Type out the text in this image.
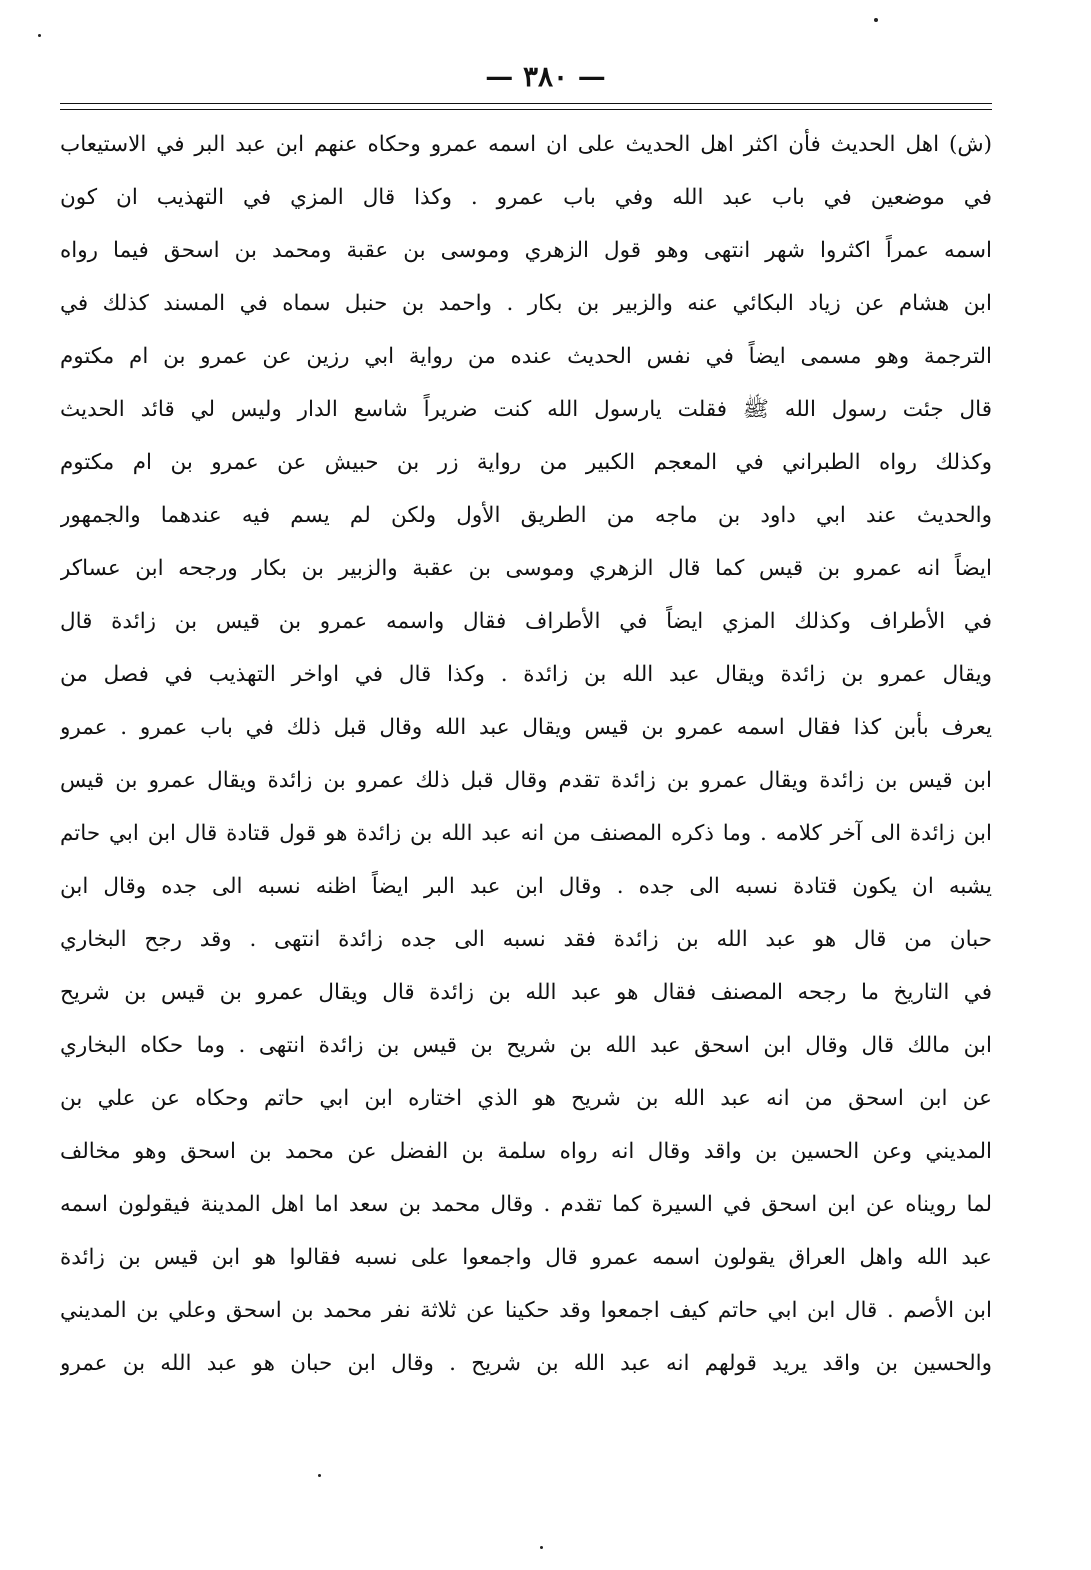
— ٣٨٠ —
(ش) اهل الحديث فأن اكثر اهل الحديث على ان اسمه عمرو وحكاه عنهم ابن عبد البر في الاستيعاب
في موضعين في باب عبد الله وفي باب عمرو . وكذا قال المزي في التهذيب ان كون
اسمه عمراً اكثروا شهر انتهى وهو قول الزهري وموسى بن عقبة ومحمد بن اسحق فيما رواه
ابن هشام عن زياد البكائي عنه والزبير بن بكار . واحمد بن حنبل سماه في المسند كذلك في
الترجمة وهو مسمى ايضاً في نفس الحديث عنده من رواية ابي رزين عن عمرو بن ام مكتوم
قال جئت رسول الله ﷺ فقلت يارسول الله كنت ضريراً شاسع الدار وليس لي قائد الحديث
وكذلك رواه الطبراني في المعجم الكبير من رواية زر بن حبيش عن عمرو بن ام مكتوم
والحديث عند ابي داود بن ماجه من الطريق الأول ولكن لم يسم فيه عندهما والجمهور
ايضاً انه عمرو بن قيس كما قال الزهري وموسى بن عقبة والزبير بن بكار ورجحه ابن عساكر
في الأطراف وكذلك المزي ايضاً في الأطراف فقال واسمه عمرو بن قيس بن زائدة قال
ويقال عمرو بن زائدة ويقال عبد الله بن زائدة . وكذا قال في اواخر التهذيب في فصل من
يعرف بأبن كذا فقال اسمه عمرو بن قيس ويقال عبد الله وقال قبل ذلك في باب عمرو . عمرو
ابن قيس بن زائدة ويقال عمرو بن زائدة تقدم وقال قبل ذلك عمرو بن زائدة ويقال عمرو بن قيس
ابن زائدة الى آخر كلامه . وما ذكره المصنف من انه عبد الله بن زائدة هو قول قتادة قال ابن ابي حاتم
يشبه ان يكون قتادة نسبه الى جده . وقال ابن عبد البر ايضاً اظنه نسبه الى جده وقال ابن
حبان من قال هو عبد الله بن زائدة فقد نسبه الى جده زائدة انتهى . وقد رجح البخاري
في التاريخ ما رجحه المصنف فقال هو عبد الله بن زائدة قال ويقال عمرو بن قيس بن شريح
ابن مالك قال وقال ابن اسحق عبد الله بن شريح بن قيس بن زائدة انتهى . وما حكاه البخاري
عن ابن اسحق من انه عبد الله بن شريح هو الذي اختاره ابن ابي حاتم وحكاه عن علي بن
المديني وعن الحسين بن واقد وقال انه رواه سلمة بن الفضل عن محمد بن اسحق وهو مخالف
لما رويناه عن ابن اسحق في السيرة كما تقدم . وقال محمد بن سعد اما اهل المدينة فيقولون اسمه
عبد الله واهل العراق يقولون اسمه عمرو قال واجمعوا على نسبه فقالوا هو ابن قيس بن زائدة
ابن الأصم . قال ابن ابي حاتم كيف اجمعوا وقد حكينا عن ثلاثة نفر محمد بن اسحق وعلي بن المديني
والحسين بن واقد يريد قولهم انه عبد الله بن شريح . وقال ابن حبان هو عبد الله بن عمرو
